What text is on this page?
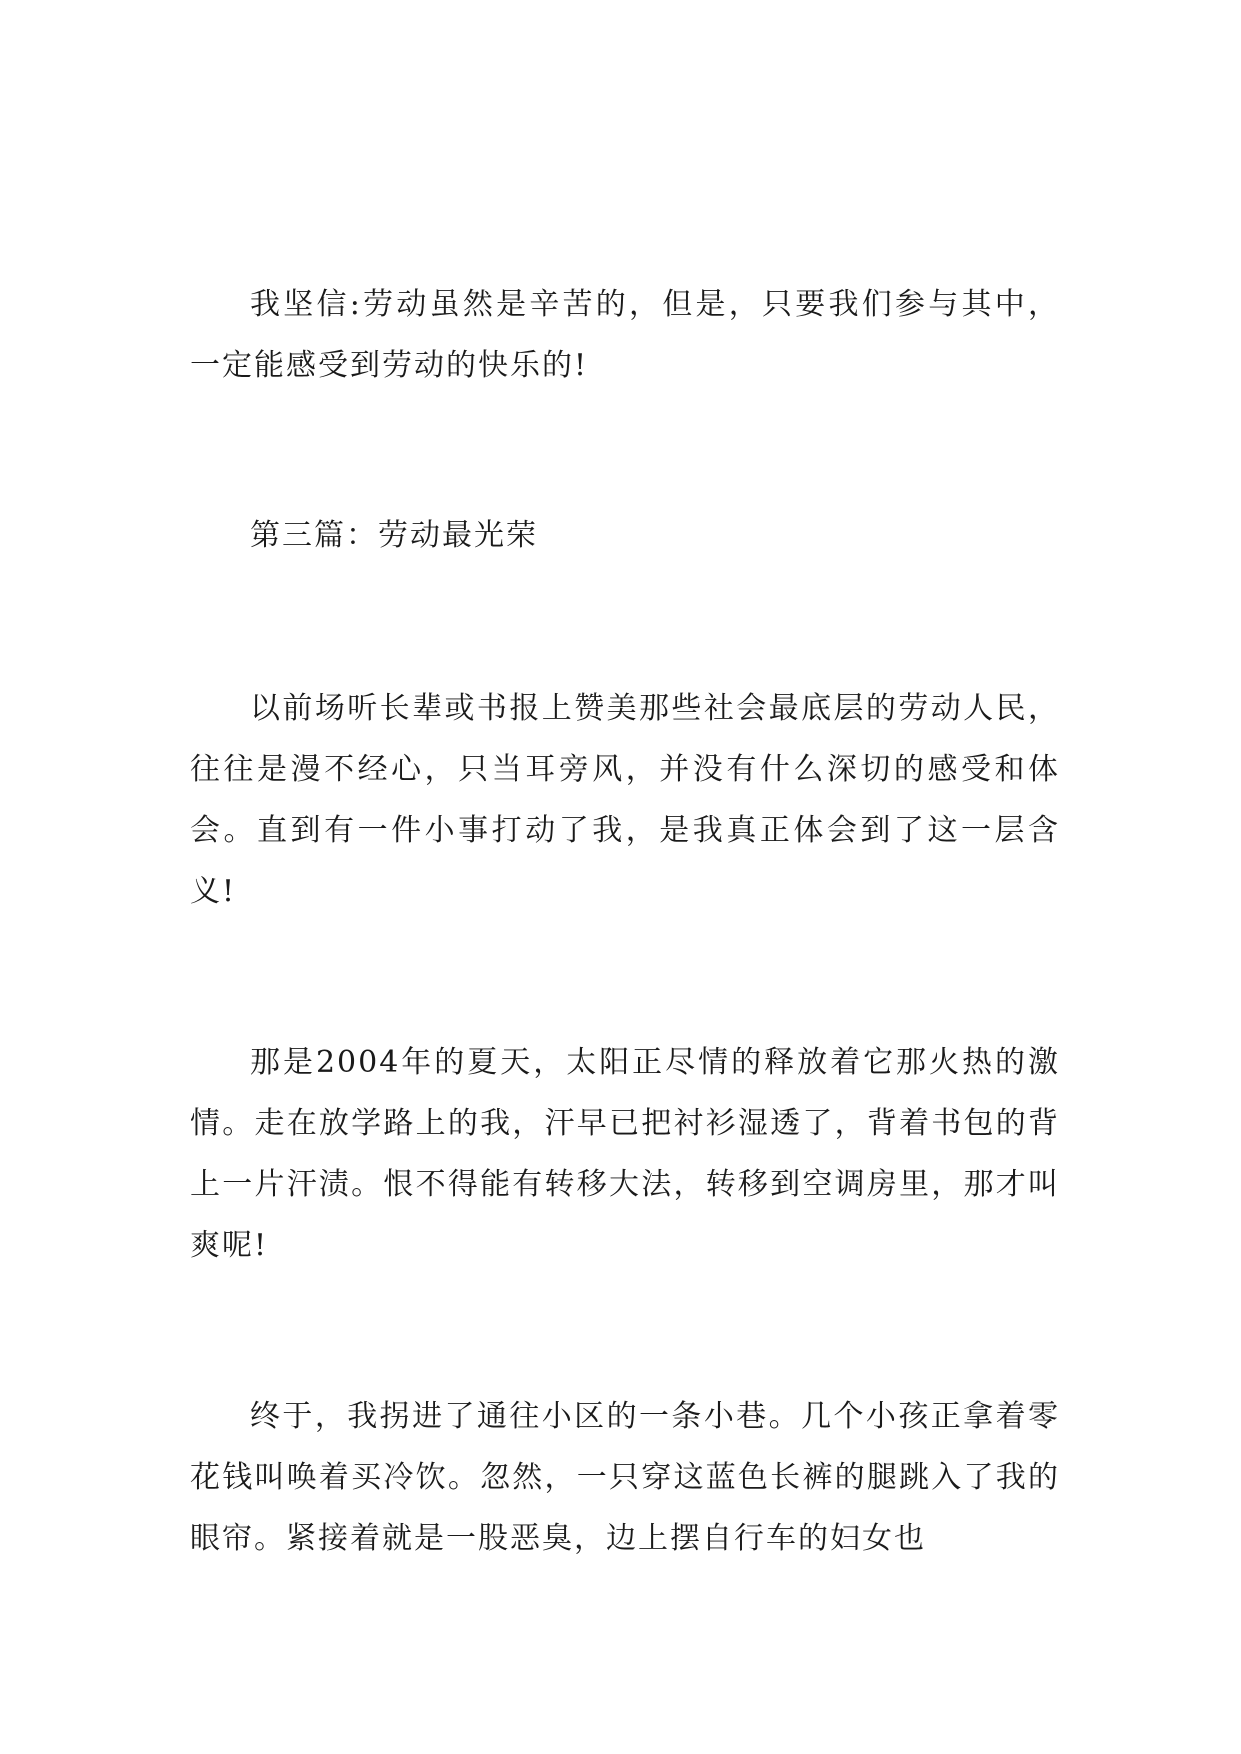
我坚信:劳动虽然是辛苦的，但是，只要我们参与其中，一定能感受到劳动的快乐的!

第三篇：劳动最光荣

以前场听长辈或书报上赞美那些社会最底层的劳动人民，往往是漫不经心，只当耳旁风，并没有什么深切的感受和体会。直到有一件小事打动了我，是我真正体会到了这一层含义!

那是2004年的夏天，太阳正尽情的释放着它那火热的激情。走在放学路上的我，汗早已把衬衫湿透了，背着书包的背上一片汗渍。恨不得能有转移大法，转移到空调房里，那才叫爽呢!

终于，我拐进了通往小区的一条小巷。几个小孩正拿着零花钱叫唤着买冷饮。忽然，一只穿这蓝色长裤的腿跳入了我的眼帘。紧接着就是一股恶臭，边上摆自行车的妇女也
